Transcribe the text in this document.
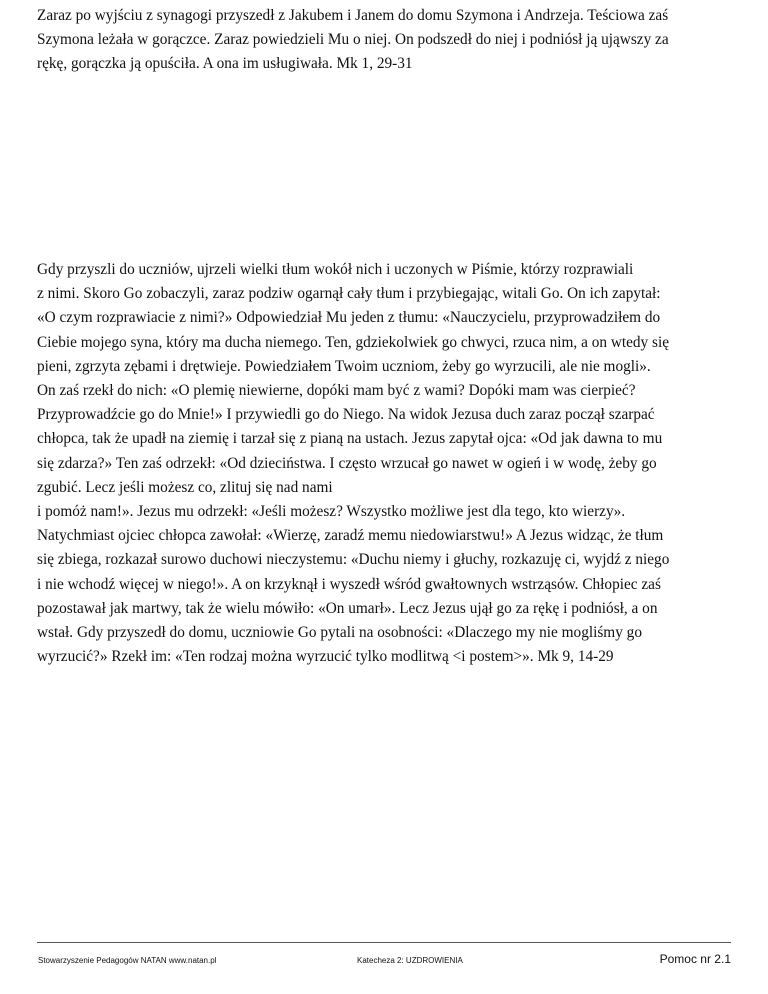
Zaraz po wyjściu z synagogi przyszedł z Jakubem i Janem do domu Szymona i Andrzeja. Teściowa zaś
Szymona leżała w gorączce. Zaraz powiedzieli Mu o niej. On podszedł do niej i podniósł ją ująwszy za
rękę, gorączka ją opuściła. A ona im usługiwała. Mk 1, 29-31

Gdy przyszli do uczniów, ujrzeli wielki tłum wokół nich i uczonych w Piśmie, którzy rozprawiali
z nimi. Skoro Go zobaczyli, zaraz podziw ogarnął cały tłum i przybiegając, witali Go. On ich zapytał:
«O czym rozprawiacie z nimi?» Odpowiedział Mu jeden z tłumu: «Nauczycielu, przyprowadziłem do
Ciebie mojego syna, który ma ducha niemego. Ten, gdziekolwiek go chwyci, rzuca nim, a on wtedy się
pieni, zgrzyta zębami i drętwieje. Powiedziałem Twoim uczniom, żeby go wyrzucili, ale nie mogli».
On zaś rzekł do nich: «O plemię niewierne, dopóki mam być z wami? Dopóki mam was cierpieć?
Przyprowadźcie go do Mnie!» I przywiedli go do Niego. Na widok Jezusa duch zaraz począł szarpać
chłopca, tak że upadł na ziemię i tarzał się z pianą na ustach. Jezus zapytał ojca: «Od jak dawna to mu
się zdarza?» Ten zaś odrzekł: «Od dzieciństwa. I często wrzucał go nawet w ogień i w wodę, żeby go
zgubić. Lecz jeśli możesz co, zlituj się nad nami
i pomóż nam!». Jezus mu odrzekł: «Jeśli możesz? Wszystko możliwe jest dla tego, kto wierzy».
Natychmiast ojciec chłopca zawołał: «Wierzę, zaradź memu niedowiarstwu!» A Jezus widząc, że tłum
się zbiega, rozkazał surowo duchowi nieczystemu: «Duchu niemy i głuchy, rozkazuję ci, wyjdź z niego
i nie wchodź więcej w niego!». A on krzyknął i wyszedł wśród gwałtownych wstrząsów. Chłopiec zaś
pozostawał jak martwy, tak że wielu mówiło: «On umarł». Lecz Jezus ujął go za rękę i podniósł, a on
wstał. Gdy przyszedł do domu, uczniowie Go pytali na osobności: «Dlaczego my nie mogliśmy go
wyrzucić?» Rzekł im: «Ten rodzaj można wyrzucić tylko modlitwą <i postem>». Mk 9, 14-29

Stowarzyszenie Pedagogów NATAN www.natan.pl	Katecheza 2: UZDROWIENIA	Pomoc nr 2.1
